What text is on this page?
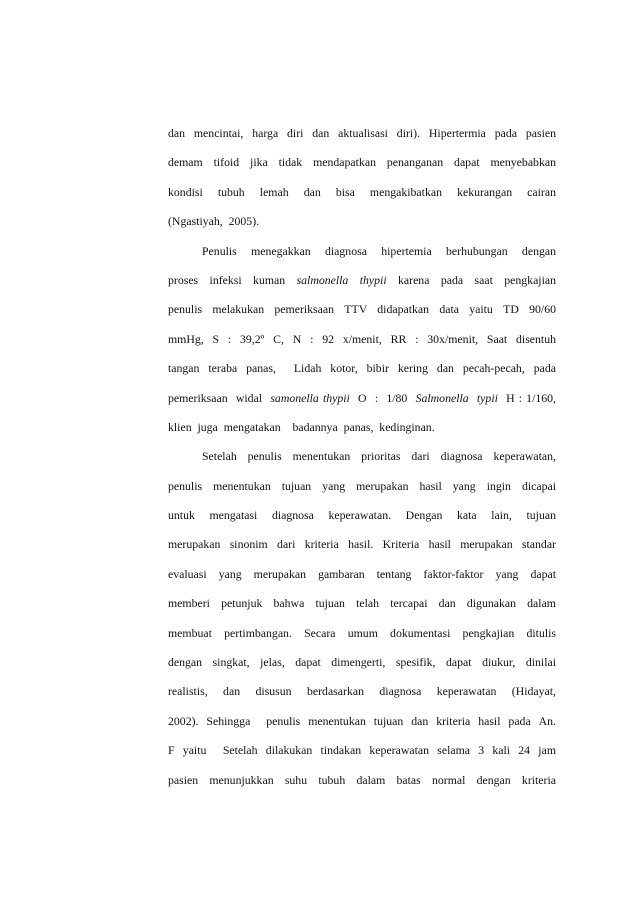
dan  mencintai,  harga  diri  dan  aktualisasi  diri).  Hipertermia  pada  pasien
demam  tifoid  jika  tidak  mendapatkan  penanganan  dapat  menyebabkan
kondisi  tubuh  lemah  dan  bisa  mengakibatkan  kekurangan  cairan
(Ngastiyah,  2005).
Penulis  menegakkan  diagnosa  hipertemia  berhubungan  dengan
proses  infeksi  kuman  salmonella  thypii  karena  pada  saat  pengkajian
penulis  melakukan  pemeriksaan  TTV  didapatkan  data  yaitu  TD  90/60
mmHg,  S  :  39,2º  C,  N  :  92  x/menit,  RR  :  30x/menit,  Saat  disentuh
tangan  teraba  panas,    Lidah  kotor,  bibir  kering  dan  pecah-pecah,  pada
pemeriksaan  widal  samonella thypii  O  :  1/80  Salmonella  typii  H : 1/160,
klien  juga  mengatakan    badannya  panas,  kedinginan.
Setelah  penulis  menentukan  prioritas  dari  diagnosa  keperawatan,
penulis  menentukan  tujuan  yang  merupakan  hasil  yang  ingin  dicapai
untuk  mengatasi  diagnosa  keperawatan.  Dengan  kata  lain,  tujuan
merupakan  sinonim  dari  kriteria  hasil.  Kriteria  hasil  merupakan  standar
evaluasi  yang  merupakan  gambaran  tentang  faktor-faktor  yang  dapat
memberi  petunjuk  bahwa  tujuan  telah  tercapai  dan  digunakan  dalam
membuat  pertimbangan.  Secara  umum  dokumentasi  pengkajian  ditulis
dengan  singkat,  jelas,  dapat  dimengerti,  spesifik,  dapat  diukur,  dinilai
realistis,  dan  disusun  berdasarkan  diagnosa  keperawatan  (Hidayat,
2002).  Sehingga    penulis  menentukan  tujuan  dan  kriteria  hasil  pada  An.
F  yaitu    Setelah  dilakukan  tindakan  keperawatan  selama  3  kali  24  jam
pasien  menunjukkan  suhu  tubuh  dalam  batas  normal  dengan  kriteria
